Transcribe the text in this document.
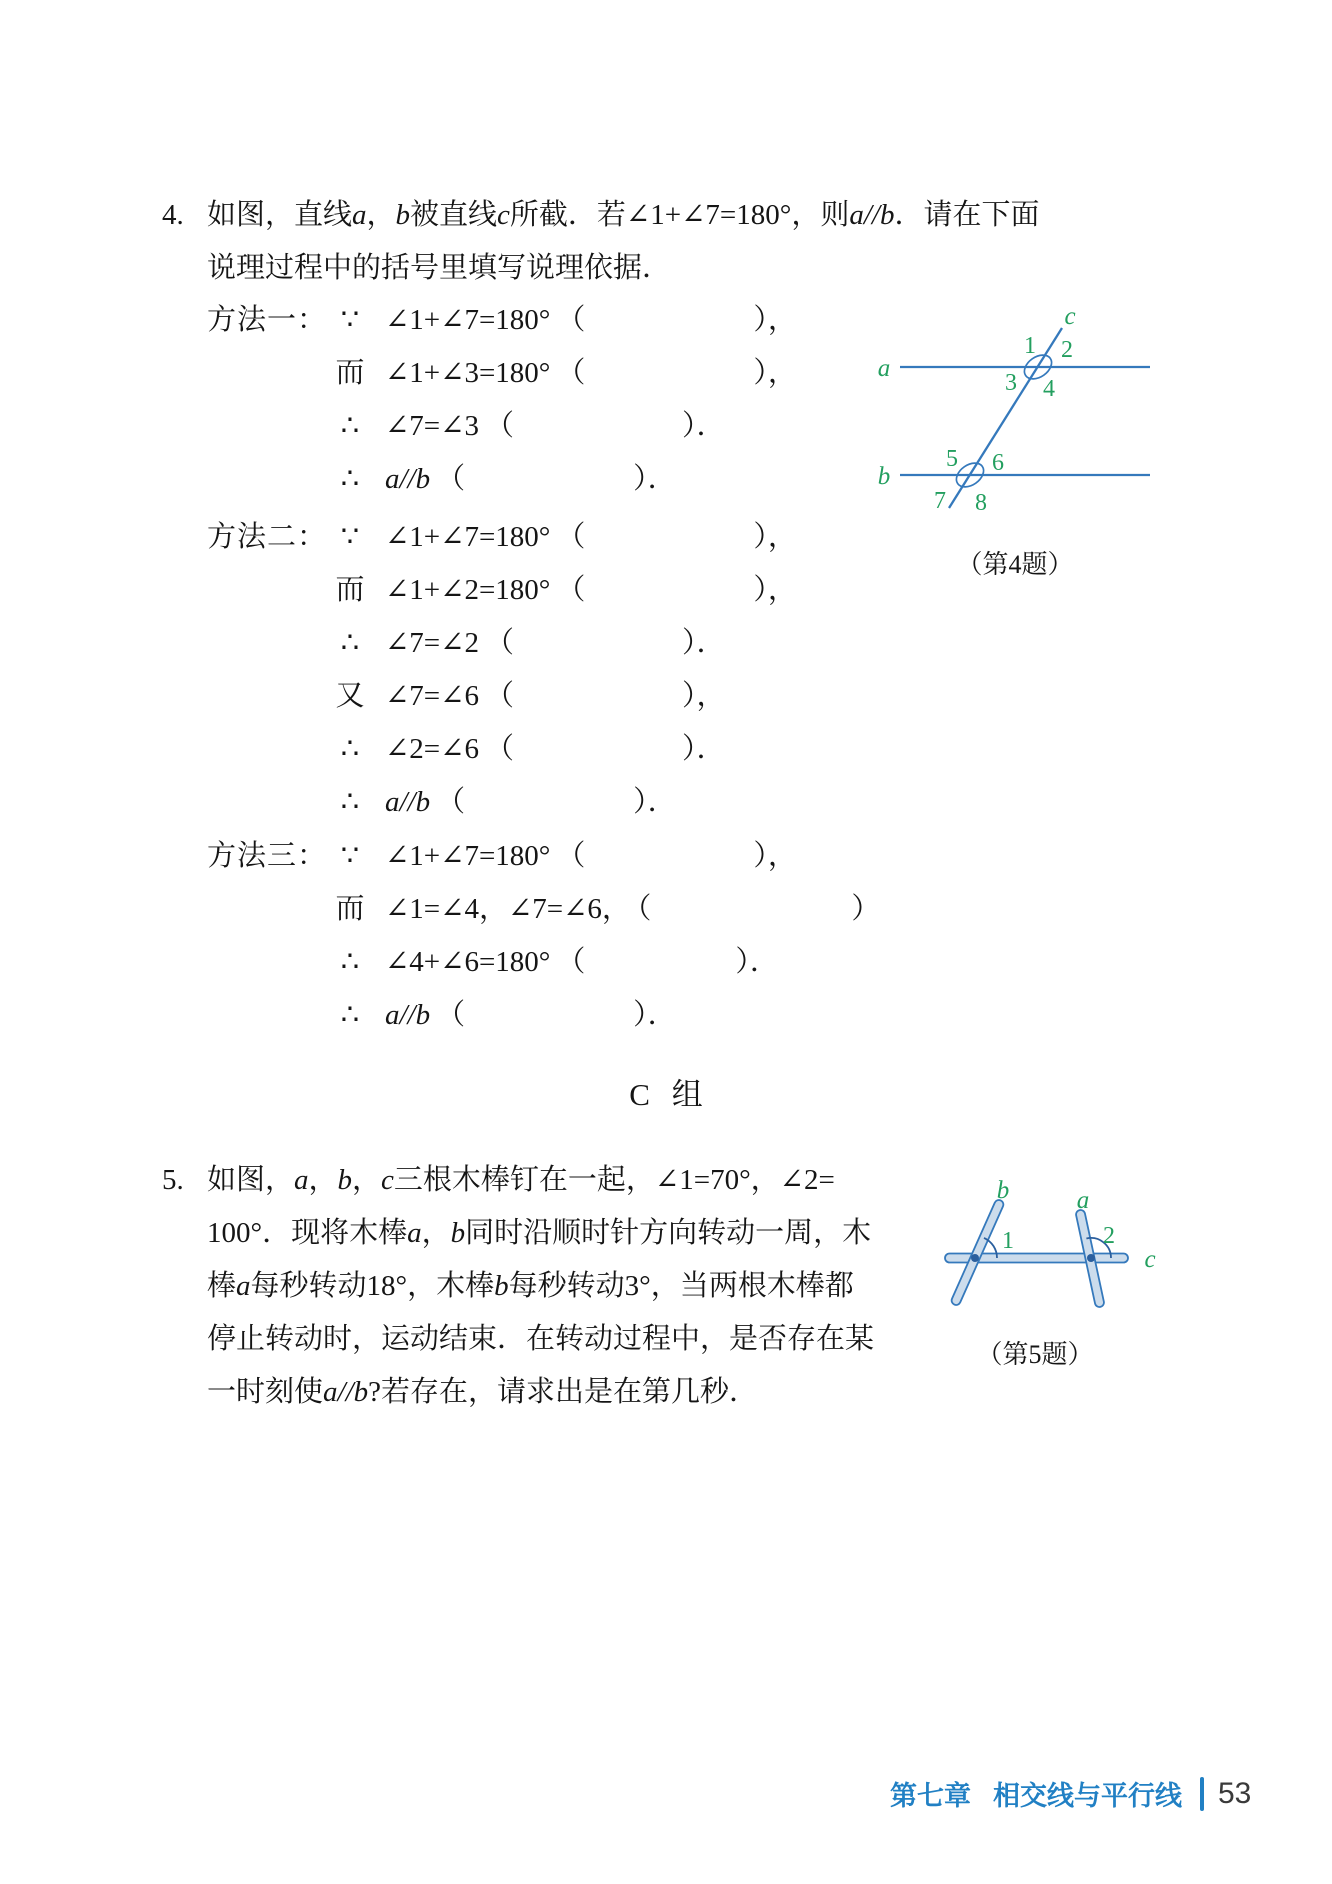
4. 如图，直线a，b被直线c所截．若∠1+∠7=180°，则a//b．请在下面
说理过程中的括号里填写说理依据．
方法一： ∵ ∠1+∠7=180° （	），
而 ∠1+∠3=180° （	），
∴ ∠7=∠3 （	）．
∴ a//b （	）．
方法二： ∵ ∠1+∠7=180° （	），
而 ∠1+∠2=180° （	），
∴ ∠7=∠2 （	）．
又 ∠7=∠6 （	），
∴ ∠2=∠6 （	）．
∴ a//b （	）．
方法三： ∵ ∠1+∠7=180° （	），
而 ∠1=∠4，∠7=∠6， （	）
∴ ∠4+∠6=180° （	）．
∴ a//b （	）．
a
b
c
1 2
3 4
5 6
7 8
（第4题）
C 组
5. 如图，a，b，c三根木棒钉在一起，∠1=70°，∠2=
100°．现将木棒a，b同时沿顺时针方向转动一周，木
棒a每秒转动18°，木棒b每秒转动3°，当两根木棒都
停止转动时，运动结束．在转动过程中，是否存在某
一时刻使a//b?若存在，请求出是在第几秒．
b	a
c
1	2
（第5题）
第七章 相交线与平行线 53
